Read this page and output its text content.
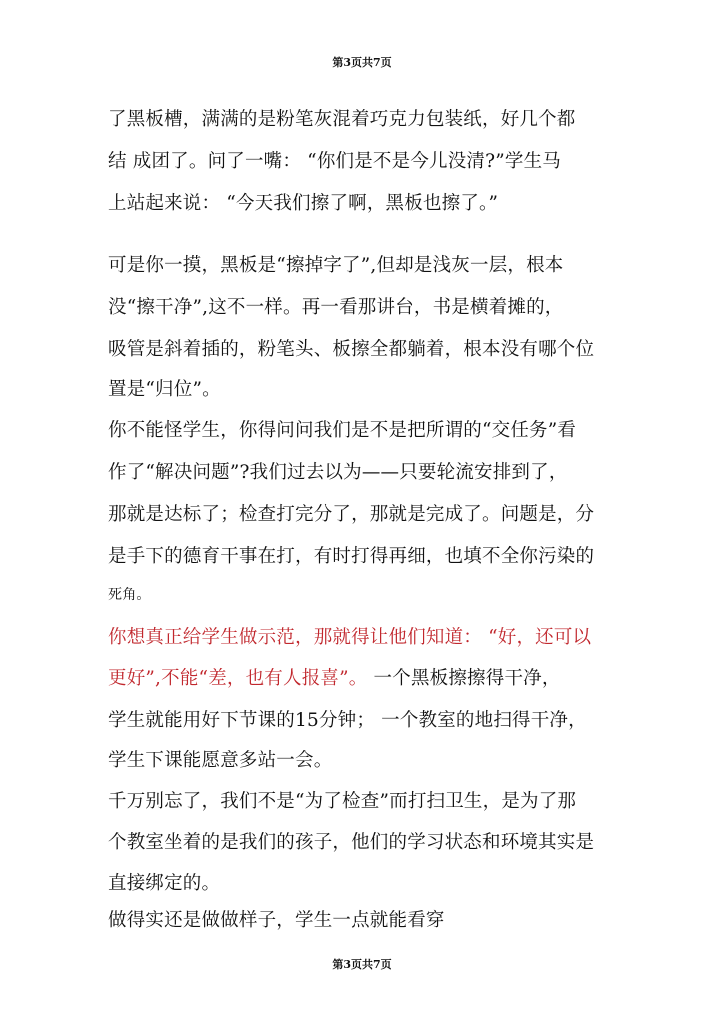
第3页共7页
了黑板槽，满满的是粉笔灰混着巧克力包装纸，好几个都
结 成团了。问了一嘴： “你们是不是今儿没清?”学生马
上站起来说： “今天我们擦了啊，黑板也擦了。”
可是你一摸，黑板是“擦掉字了”,但却是浅灰一层，根本
没“擦干净”,这不一样。再一看那讲台，书是横着摊的，
吸管是斜着插的，粉笔头、板擦全都躺着，根本没有哪个位
置是“归位”。
你不能怪学生，你得问问我们是不是把所谓的“交任务”看
作了“解决问题”?我们过去以为——只要轮流安排到了，
那就是达标了；检查打完分了，那就是完成了。问题是，分
是手下的德育干事在打，有时打得再细，也填不全你污染的
死角。
你想真正给学生做示范，那就得让他们知道： “好，还可以
更好”,不能“差，也有人报喜”。 一个黑板擦擦得干净，
学生就能用好下节课的15分钟； 一个教室的地扫得干净，
学生下课能愿意多站一会。
千万别忘了，我们不是“为了检查”而打扫卫生，是为了那
个教室坐着的是我们的孩子，他们的学习状态和环境其实是
直接绑定的。
做得实还是做做样子，学生一点就能看穿
第3页共7页
